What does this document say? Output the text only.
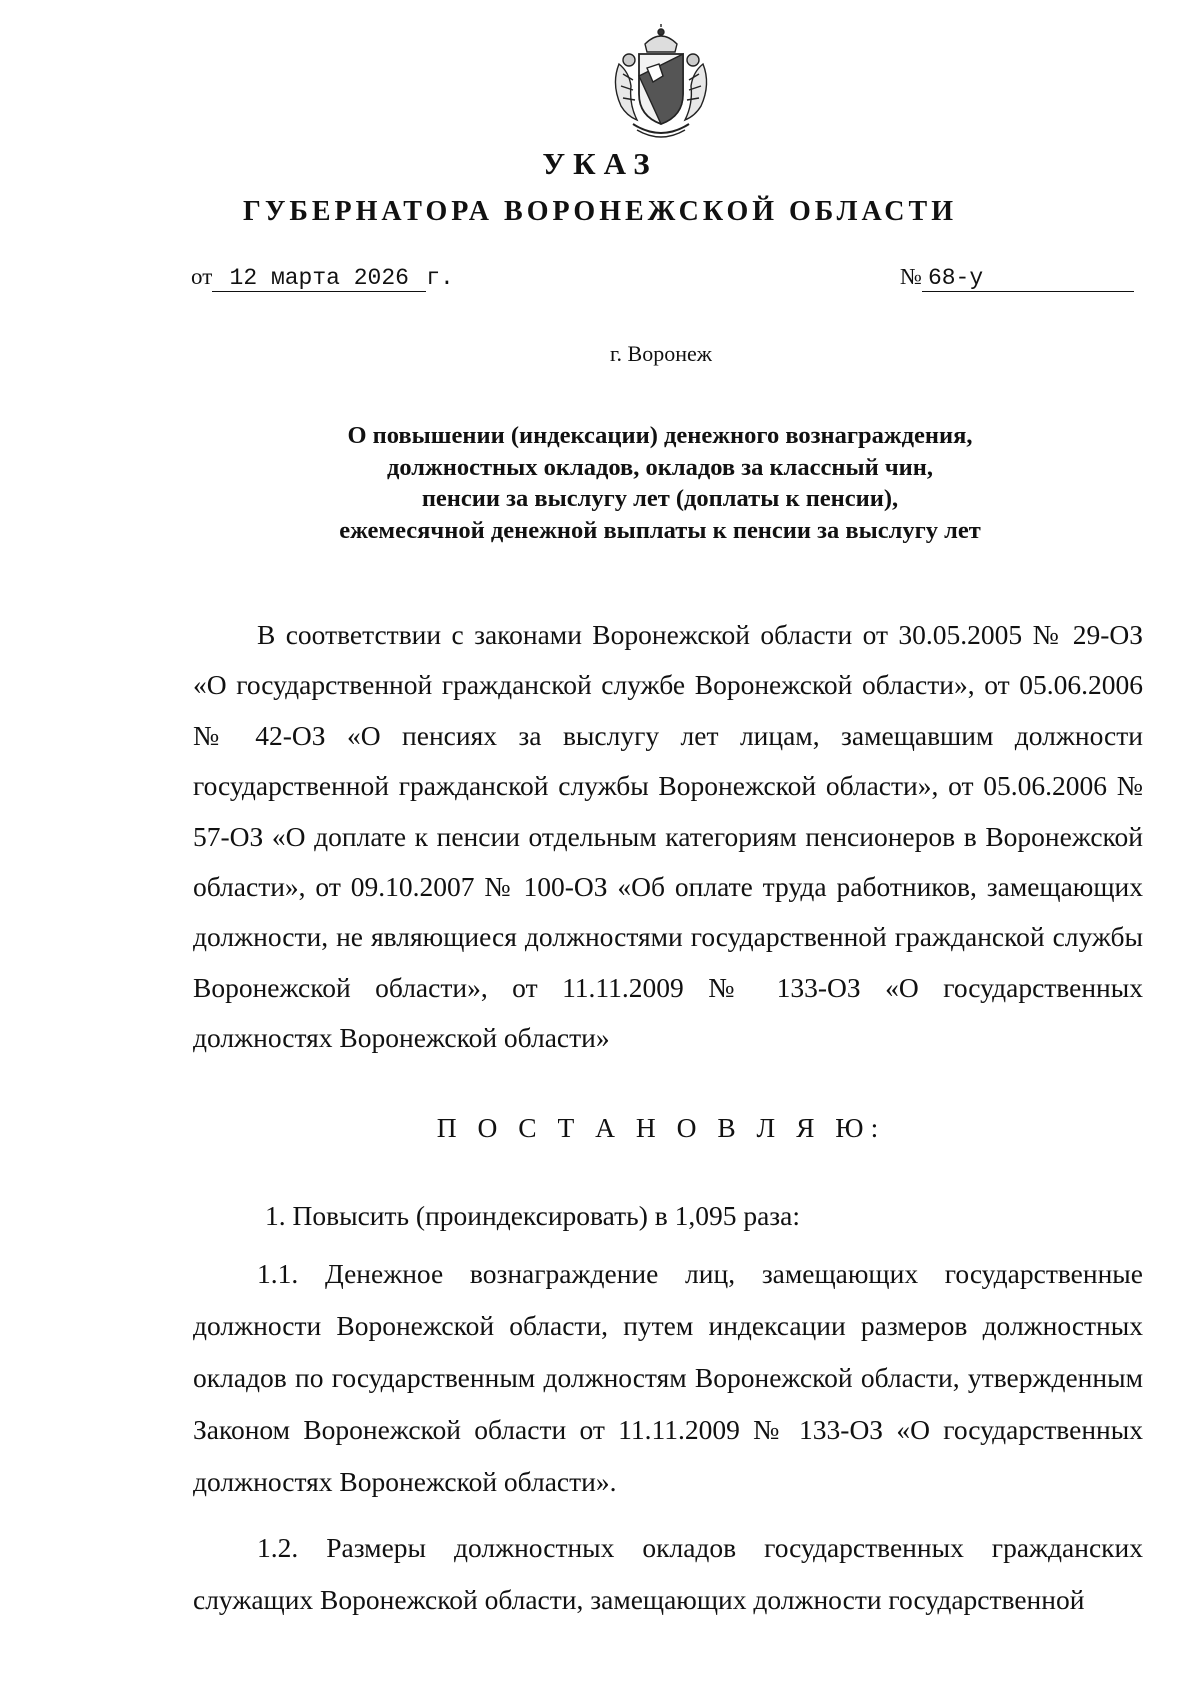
УКАЗ
ГУБЕРНАТОРА ВОРОНЕЖСКОЙ ОБЛАСТИ
от 12 марта 2026 г.	№ 68-у
г. Воронеж
О повышении (индексации) денежного вознаграждения,
должностных окладов, окладов за классный чин,
пенсии за выслугу лет (доплаты к пенсии),
ежемесячной денежной выплаты к пенсии за выслугу лет
В соответствии с законами Воронежской области от 30.05.2005 № 29-ОЗ «О государственной гражданской службе Воронежской области», от 05.06.2006 № 42-ОЗ «О пенсиях за выслугу лет лицам, замещавшим должности государственной гражданской службы Воронежской области», от 05.06.2006 № 57-ОЗ «О доплате к пенсии отдельным категориям пенсионеров в Воронежской области», от 09.10.2007 № 100-ОЗ «Об оплате труда работников, замещающих должности, не являющиеся должностями государственной гражданской службы Воронежской области», от 11.11.2009 № 133-ОЗ «О государственных должностях Воронежской области»
П О С Т А Н О В Л Я Ю:
1. Повысить (проиндексировать) в 1,095 раза:
1.1. Денежное вознаграждение лиц, замещающих государственные должности Воронежской области, путем индексации размеров должностных окладов по государственным должностям Воронежской области, утвержденным Законом Воронежской области от 11.11.2009 № 133-ОЗ «О государственных должностях Воронежской области».
1.2. Размеры должностных окладов государственных гражданских служащих Воронежской области, замещающих должности государственной
